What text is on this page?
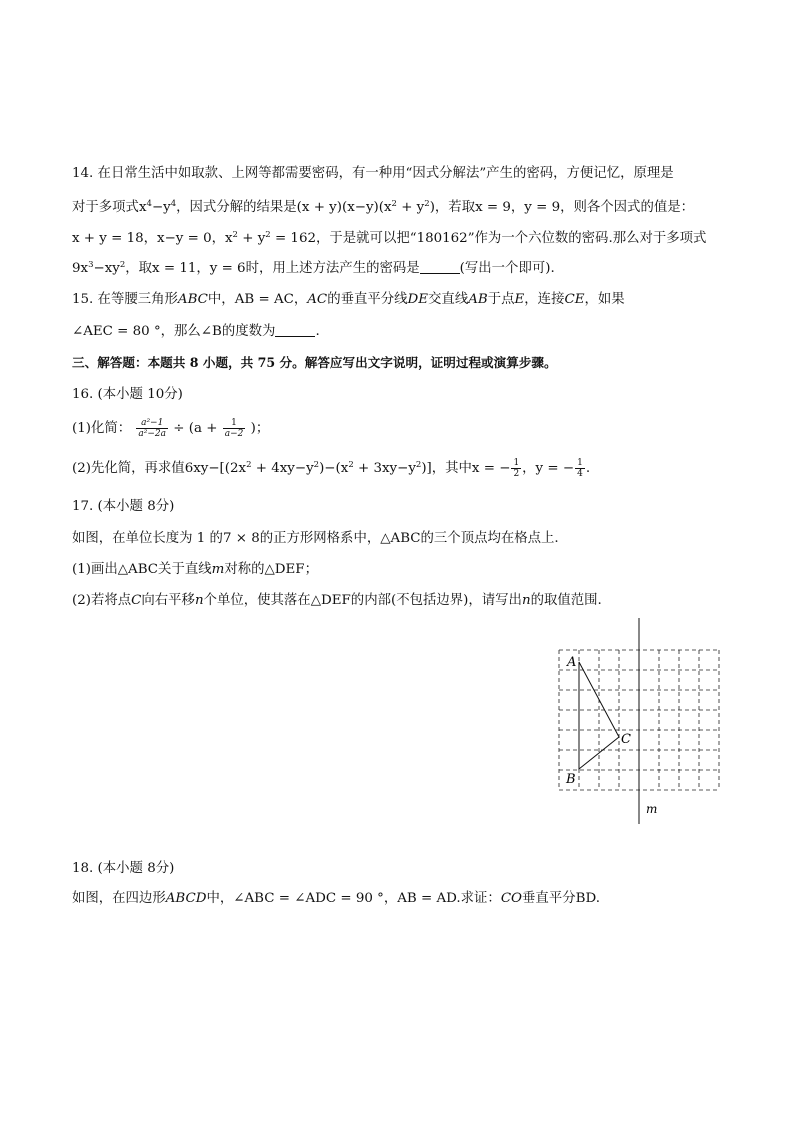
14. 在日常生活中如取款、上网等都需要密码，有一种用“因式分解法”产生的密码，方便记忆，原理是
对于多项式$x^4-y^4$，因式分解的结果是$(x + y)(x-y)(x^2 + y^2)$，若取x = 9，y = 9，则各个因式的值是：
x + y = 18，x−y = 0，$x^2 + y^2 = 162$，于是就可以把“180162”作为一个六位数的密码.那么对于多项式
$9x^3-xy^2$，取x = 11，y = 6时，用上述方法产生的密码是	(写出一个即可).
15. 在等腰三角形ABC中，AB = AC，AC的垂直平分线DE交直线AB于点E，连接CE，如果
∠AEC = 80 °，那么∠B的度数为	.
三、解答题：本题共 8 小题，共 75 分。解答应写出文字说明，证明过程或演算步骤。
16. (本小题 10分)
(1)化简： $\frac{\text{a²−1}}{\text{a²−2a}} \div (a + \frac{1}{a-2}$ )；
(2)先化简，再求值$6xy-[(2x^2 + 4xy-y^2)-(x^2 + 3xy-y^2)]$，其中x = − $\frac{1}{2}$ ，y = − $\frac{1}{4}$ .
17. (本小题 8分)
如图，在单位长度为 1 的7 × 8的正方形网格系中，△ABC的三个顶点均在格点上.
(1)画出△ABC关于直线m对称的△DEF；
(2)若将点C向右平移n个单位，使其落在△DEF的内部(不包括边界)，请写出n的取值范围.
A
B
C
m
18. (本小题 8分)
如图，在四边形ABCD中，∠ABC = ∠ADC = 90 °，AB = AD.求证：CO垂直平分BD.
